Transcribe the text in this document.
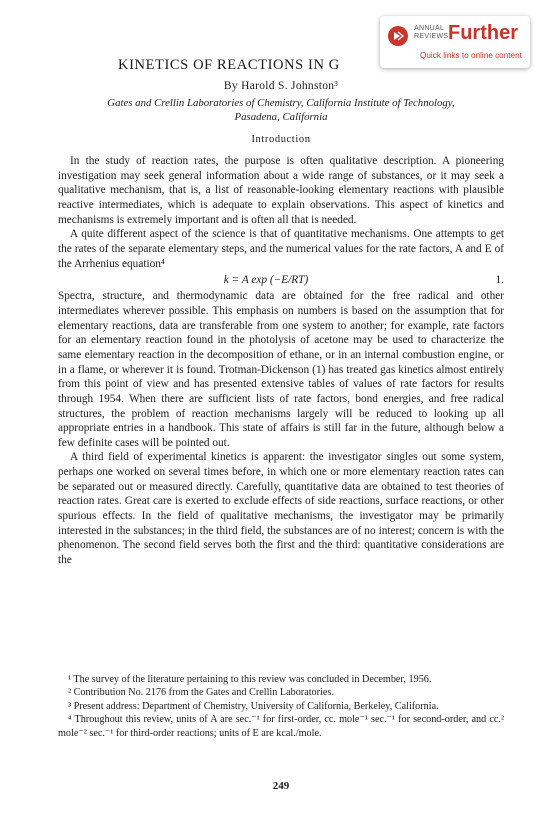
KINETICS OF REACTIONS IN G
By Harold S. Johnston³
Gates and Crellin Laboratories of Chemistry, California Institute of Technology,
Pasadena, California
Introduction

In the study of reaction rates, the purpose is often qualitative description. A pioneering investigation may seek general information about a wide range of substances, or it may seek a qualitative mechanism, that is, a list of reasonable-looking elementary reactions with plausible reactive intermediates, which is adequate to explain observations. This aspect of kinetics and mechanisms is extremely important and is often all that is needed.

A quite different aspect of the science is that of quantitative mechanisms. One attempts to get the rates of the separate elementary steps, and the numerical values for the rate factors, A and E of the Arrhenius equation⁴

k = A exp (−E/RT)	1.

Spectra, structure, and thermodynamic data are obtained for the free radical and other intermediates wherever possible. This emphasis on numbers is based on the assumption that for elementary reactions, data are transferable from one system to another; for example, rate factors for an elementary reaction found in the photolysis of acetone may be used to characterize the same elementary reaction in the decomposition of ethane, or in an internal combustion engine, or in a flame, or wherever it is found. Trotman-Dickenson (1) has treated gas kinetics almost entirely from this point of view and has presented extensive tables of values of rate factors for results through 1954. When there are sufficient lists of rate factors, bond energies, and free radical structures, the problem of reaction mechanisms largely will be reduced to looking up all appropriate entries in a handbook. This state of affairs is still far in the future, although below a few definite cases will be pointed out.

A third field of experimental kinetics is apparent: the investigator singles out some system, perhaps one worked on several times before, in which one or more elementary reaction rates can be separated out or measured directly. Carefully, quantitative data are obtained to test theories of reaction rates. Great care is exerted to exclude effects of side reactions, surface reactions, or other spurious effects. In the field of qualitative mechanisms, the investigator may be primarily interested in the substances; in the third field, the substances are of no interest; concern is with the phenomenon. The second field serves both the first and the third: quantitative considerations are the

¹ The survey of the literature pertaining to this review was concluded in December, 1956.

² Contribution No. 2176 from the Gates and Crellin Laboratories.

³ Present address: Department of Chemistry, University of California, Berkeley, California.

⁴ Throughout this review, units of A are sec.⁻¹ for first-order, cc. mole⁻¹ sec.⁻¹ for second-order, and cc.² mole⁻² sec.⁻¹ for third-order reactions; units of E are kcal./mole.

249
ANNUAL
REVIEWS Further
Quick links to online content
